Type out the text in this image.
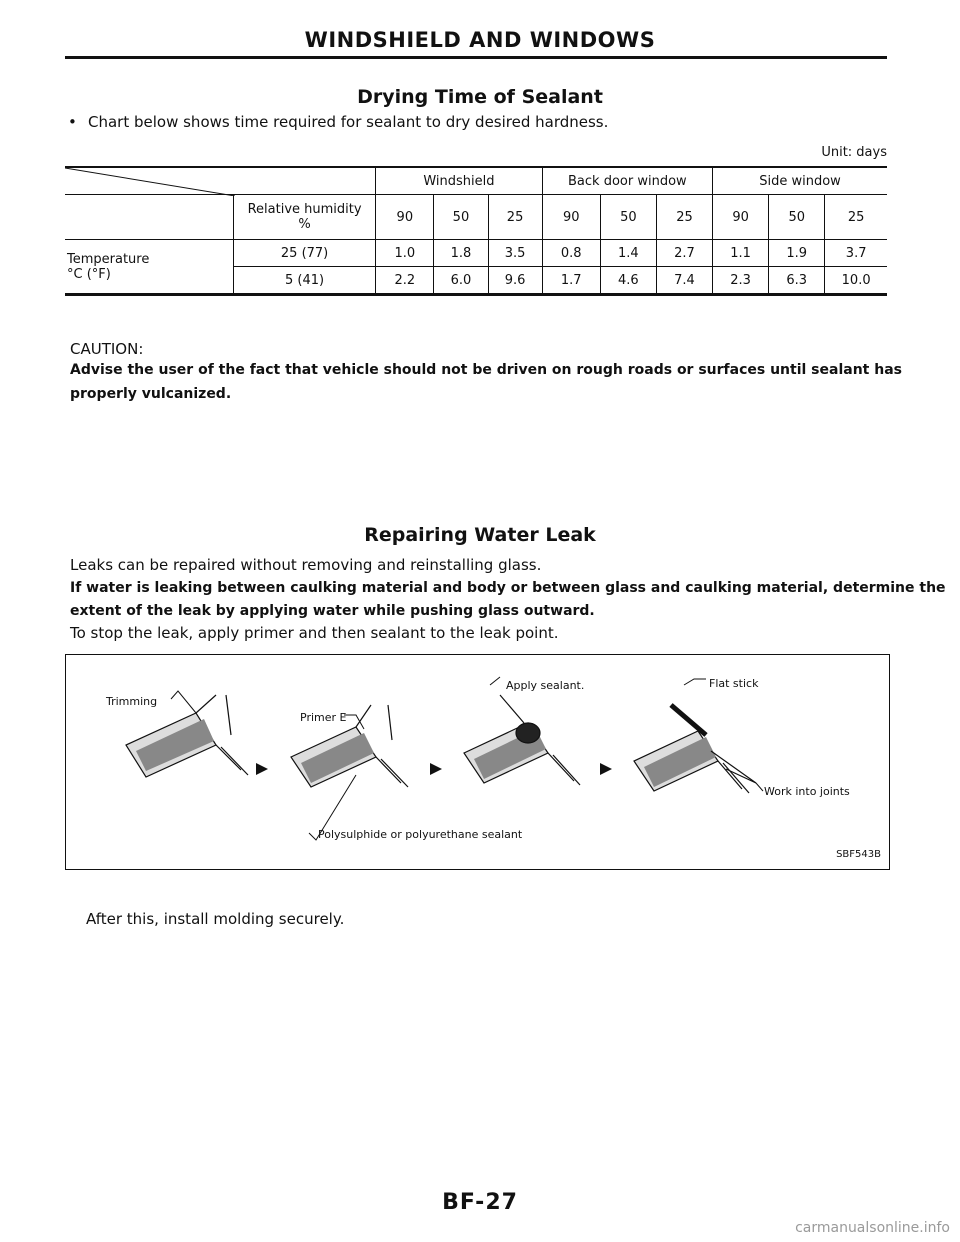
WINDSHIELD AND WINDOWS
Drying Time of Sealant
• Chart below shows time required for sealant to dry desired hardness.
Unit: days
	Windshield			Back door window			Side window		

	Relative humidity
%	90	50	25	90	50	25	90	50	25

Temperature
°C (°F)	25 (77)	1.0	1.8	3.5	0.8	1.4	2.7	1.1	1.9	3.7
	5 (41)	2.2	6.0	9.6	1.7	4.6	7.4	2.3	6.3	10.0
CAUTION:
Advise the user of the fact that vehicle should not be driven on rough roads or surfaces until sealant has
properly vulcanized.
Repairing Water Leak
Leaks can be repaired without removing and reinstalling glass.
If water is leaking between caulking material and body or between glass and caulking material, determine the
extent of the leak by applying water while pushing glass outward.
To stop the leak, apply primer and then sealant to the leak point.
Trimming
Primer E
Apply sealant.	Flat stick
Work into joints
Polysulphide or polyurethane sealant
SBF543B
After this, install molding securely.
BF-27
carmanualsonline.info
